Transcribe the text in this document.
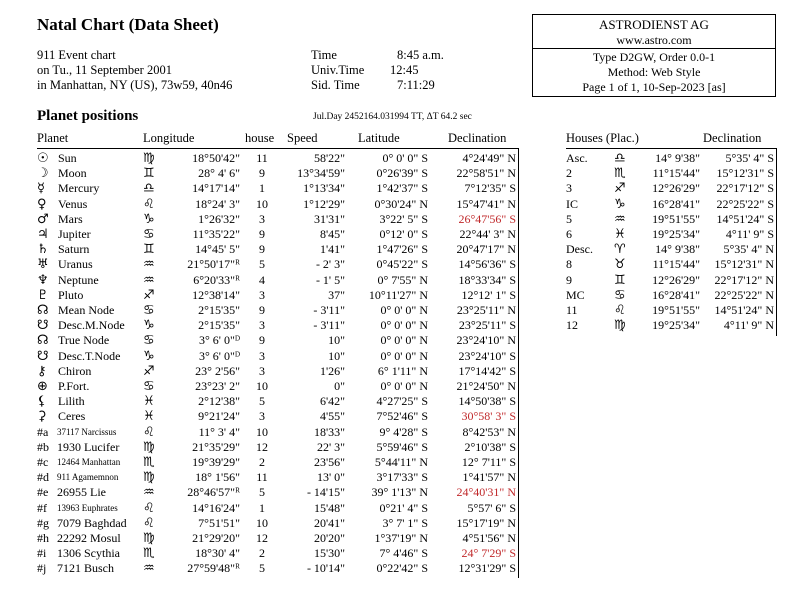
Natal Chart (Data Sheet)
911 Event chart
on Tu., 11 September 2001
in Manhattan, NY (US), 73w59, 40n46
Time	8:45 a.m.
Univ.Time 12:45
Sid. Time	7:11:29
ASTRODIENST AG
www.astro.com
Type D2GW, Order 0.0-1
Method: Web Style
Page 1 of 1, 10-Sep-2023 [as]
Planet positions	Jul.Day 2452164.031994 TT, ΔT 64.2 sec
Planet	Longitude	house Speed	Latitude	Declination
☉ Sun	♍	18°50'42"	11	58'22"	0° 0' 0" S	4°24'49" N
☽ Moon	♊	28° 4' 6"	9	13°34'59"	0°26'39" S	22°58'51" N
☿ Mercury	♎	14°17'14"	1	1°13'34"	1°42'37" S	7°12'35" S
♀ Venus	♌	18°24' 3"	10	1°12'29"	0°30'24" N	15°47'41" N
♂ Mars	♑	1°26'32"	3	31'31"	3°22' 5" S	26°47'56" S
♃ Jupiter	♋	11°35'22"	9	8'45"	0°12' 0" S	22°44' 3" N
♄ Saturn	♊	14°45' 5"	9	1'41"	1°47'26" S	20°47'17" N
♅ Uranus	♒	21°50'17"ᴿ	5	- 2' 3"	0°45'22" S	14°56'36" S
♆ Neptune	♒	6°20'33"ᴿ	4	- 1' 5"	0° 7'55" N	18°33'34" S
♇ Pluto	♐	12°38'14"	3	37"	10°11'27" N	12°12' 1" S
☊ Mean Node ♋	2°15'35"	9	- 3'11"	0° 0' 0" N	23°25'11" N
☋ Desc.M.Node ♑	2°15'35"	3	- 3'11"	0° 0' 0" N	23°25'11" S
☊ True Node	♋	3° 6' 0"ᴰ	9	10"	0° 0' 0" N	23°24'10" N
☋ Desc.T.Node ♑	3° 6' 0"ᴰ	3	10"	0° 0' 0" N	23°24'10" S
⚷ Chiron	♐	23° 2'56"	3	1'26"	6° 1'11" N	17°14'42" S
⊕ P.Fort.	♋	23°23' 2"	10	0"	0° 0' 0" N	21°24'50" N
⚸ Lilith	♓	2°12'38"	5	6'42"	4°27'25" S	14°50'38" S
⚳ Ceres	♓	9°21'24"	3	4'55"	7°52'46" S	30°58' 3" S
#a 37117 Narcissus ♌	11° 3' 4"	10	18'33"	9° 4'28" S	8°42'53" N
#b 1930 Lucifer ♍	21°35'29"	12	22' 3"	5°59'46" S	2°10'38" S
#c 12464 Manhattan ♏	19°39'29"	2	23'56"	5°44'11" N	12° 7'11" S
#d 911 Agamemnon ♍	18° 1'56"	11	13' 0"	3°17'33" S	1°41'57" N
#e 26955 Lie	♒	28°46'57"ᴿ	5	- 14'15"	39° 1'13" N	24°40'31" N
#f 13963 Euphrates ♌	14°16'24"	1	15'48"	0°21' 4" S	5°57' 6" S
#g 7079 Baghdad ♌	7°51'51"	10	20'41"	3° 7' 1" S	15°17'19" N
#h 22292 Mosul ♍	21°29'20"	12	20'20"	1°37'19" N	4°51'56" N
#i 1306 Scythia ♏	18°30' 4"	2	15'30"	7° 4'46" S	24° 7'29" S
#j 7121 Busch ♒	27°59'48"ᴿ	5	- 10'14"	0°22'42" S	12°31'29" S
Houses (Plac.)	Declination
Asc. ♎	14° 9'38"	5°35' 4" S
2	♏	11°15'44"	15°12'31" S
3	♐	12°26'29"	22°17'12" S
IC	♑	16°28'41"	22°25'22" S
5	♒	19°51'55"	14°51'24" S
6	♓	19°25'34"	4°11' 9" S
Desc. ♈	14° 9'38"	5°35' 4" N
8	♉	11°15'44"	15°12'31" N
9	♊	12°26'29"	22°17'12" N
MC ♋	16°28'41"	22°25'22" N
11	♌	19°51'55"	14°51'24" N
12	♍	19°25'34"	4°11' 9" N
